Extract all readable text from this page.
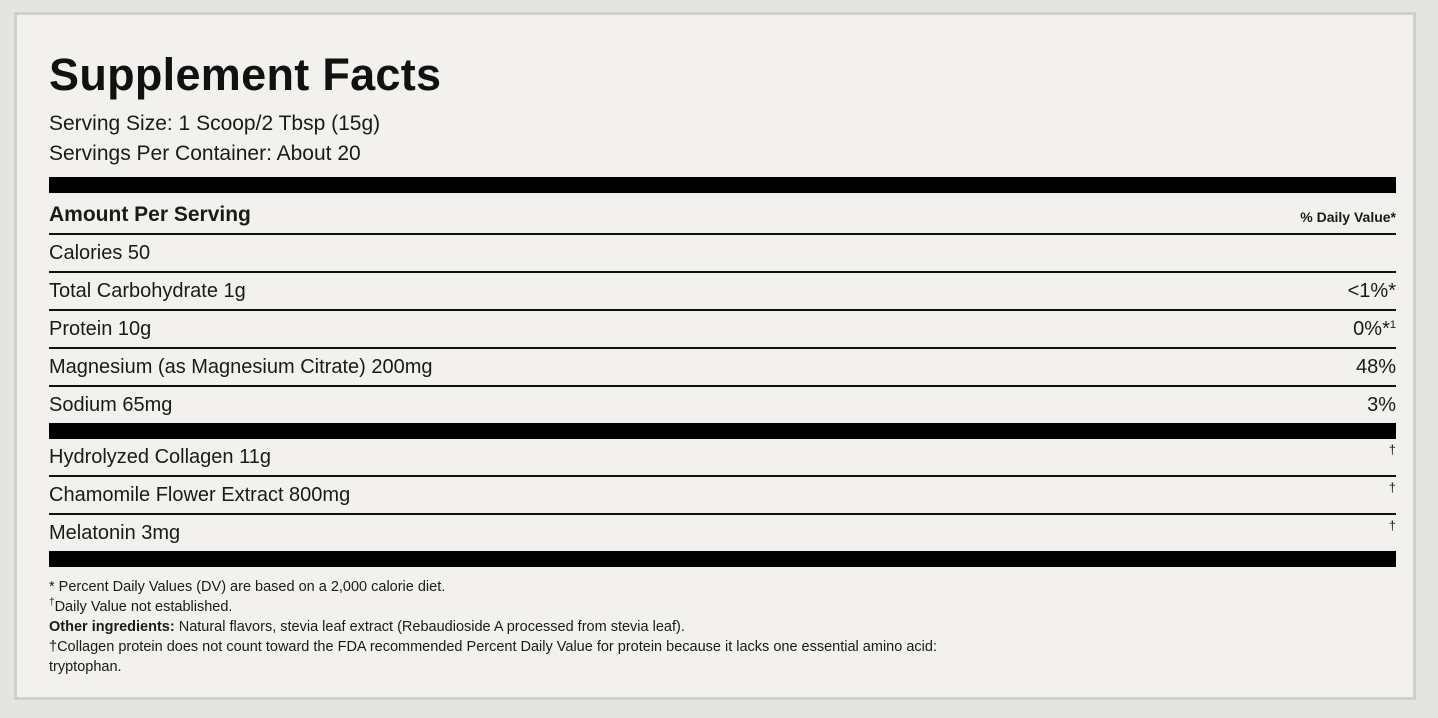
Supplement Facts
Serving Size: 1 Scoop/2 Tbsp (15g)
Servings Per Container: About 20
Amount Per Serving	% Daily Value*
Calories 50
Total Carbohydrate 1g	<1%*
Protein 10g	0%*$^1$
Magnesium (as Magnesium Citrate) 200mg	48%
Sodium 65mg	3%
Hydrolyzed Collagen 11g	†
Chamomile Flower Extract 800mg	†
Melatonin 3mg	†
* Percent Daily Values (DV) are based on a 2,000 calorie diet.
†Daily Value not established.
Other ingredients: Natural flavors, stevia leaf extract (Rebaudioside A processed from stevia leaf).
†Collagen protein does not count toward the FDA recommended Percent Daily Value for protein because it lacks one essential amino acid: tryptophan.
